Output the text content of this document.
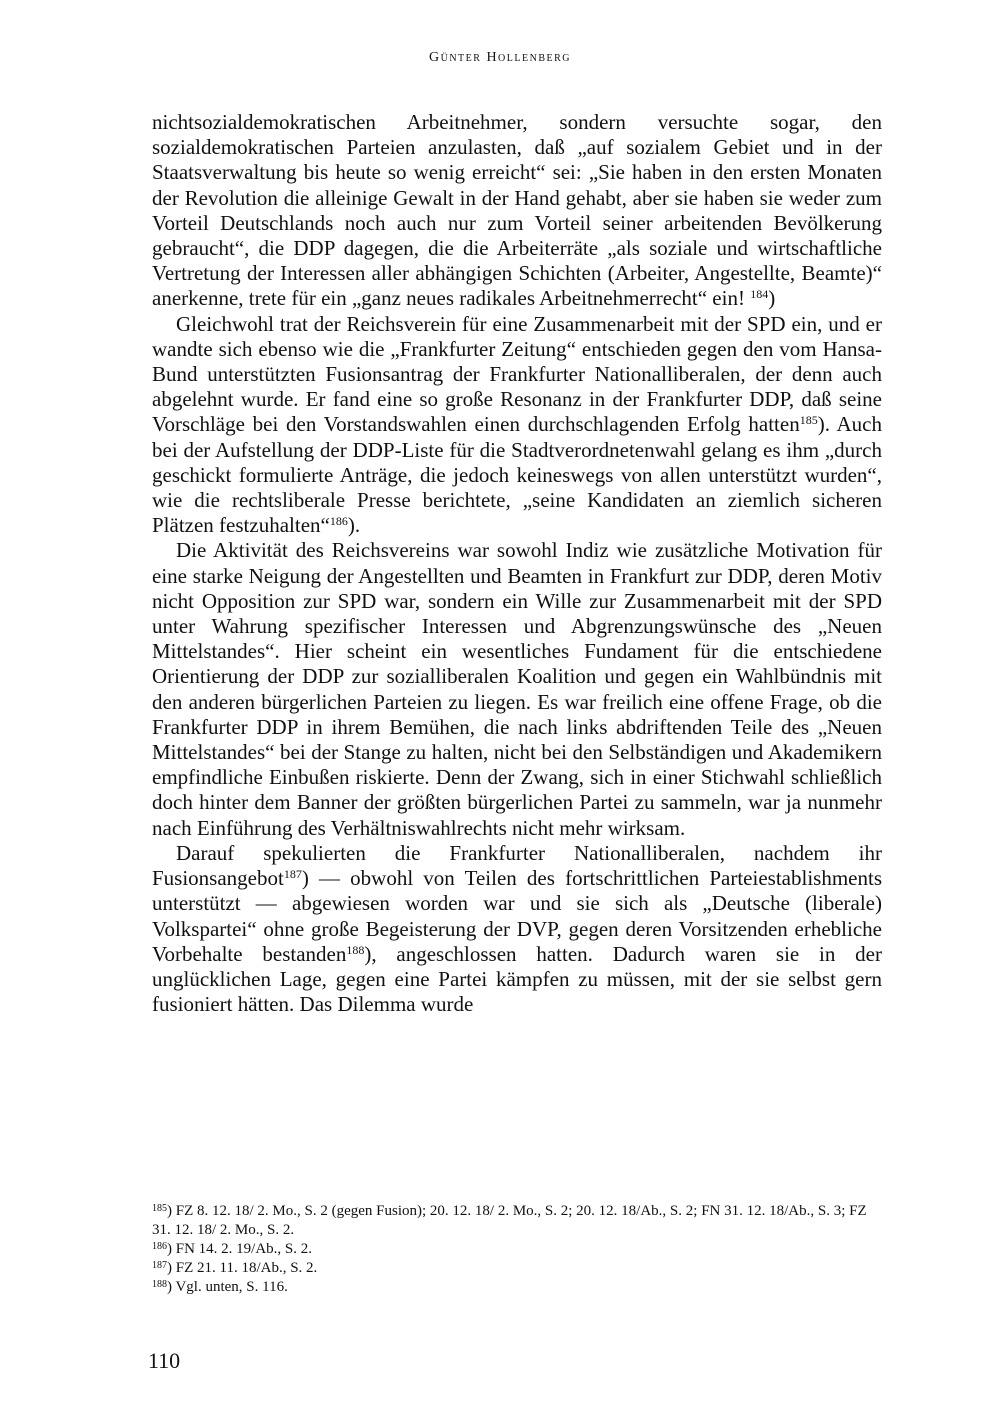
Günter Hollenberg

nichtsozialdemokratischen Arbeitnehmer, sondern versuchte sogar, den sozialdemokratischen Parteien anzulasten, daß „auf sozialem Gebiet und in der Staatsverwaltung bis heute so wenig erreicht“ sei: „Sie haben in den ersten Monaten der Revolution die alleinige Gewalt in der Hand gehabt, aber sie haben sie weder zum Vorteil Deutschlands noch auch nur zum Vorteil seiner arbeitenden Bevölkerung gebraucht“, die DDP dagegen, die die Arbeiterräte „als soziale und wirtschaftliche Vertretung der Interessen aller abhängigen Schichten (Arbeiter, Angestellte, Beamte)“ anerkenne, trete für ein „ganz neues radikales Arbeitnehmerrecht“ ein! $^{184}$)

Gleichwohl trat der Reichsverein für eine Zusammenarbeit mit der SPD ein, und er wandte sich ebenso wie die „Frankfurter Zeitung“ entschieden gegen den vom Hansa-Bund unterstützten Fusionsantrag der Frankfurter Nationalliberalen, der denn auch abgelehnt wurde. Er fand eine so große Resonanz in der Frankfurter DDP, daß seine Vorschläge bei den Vorstandswahlen einen durchschlagenden Erfolg hatten$^{185}$). Auch bei der Aufstellung der DDP-Liste für die Stadtverordnetenwahl gelang es ihm „durch geschickt formulierte Anträge, die jedoch keineswegs von allen unterstützt wurden“, wie die rechtsliberale Presse berichtete, „seine Kandidaten an ziemlich sicheren Plätzen festzuhalten“$^{186}$).

Die Aktivität des Reichsvereins war sowohl Indiz wie zusätzliche Motivation für eine starke Neigung der Angestellten und Beamten in Frankfurt zur DDP, deren Motiv nicht Opposition zur SPD war, sondern ein Wille zur Zusammenarbeit mit der SPD unter Wahrung spezifischer Interessen und Abgrenzungswünsche des „Neuen Mittelstandes“. Hier scheint ein wesentliches Fundament für die entschiedene Orientierung der DDP zur sozialliberalen Koalition und gegen ein Wahlbündnis mit den anderen bürgerlichen Parteien zu liegen. Es war freilich eine offene Frage, ob die Frankfurter DDP in ihrem Bemühen, die nach links abdriftenden Teile des „Neuen Mittelstandes“ bei der Stange zu halten, nicht bei den Selbständigen und Akademikern empfindliche Einbußen riskierte. Denn der Zwang, sich in einer Stichwahl schließlich doch hinter dem Banner der größten bürgerlichen Partei zu sammeln, war ja nunmehr nach Einführung des Verhältniswahlrechts nicht mehr wirksam.

Darauf spekulierten die Frankfurter Nationalliberalen, nachdem ihr Fusionsangebot$^{187}$) — obwohl von Teilen des fortschrittlichen Parteiestablishments unterstützt — abgewiesen worden war und sie sich als „Deutsche (liberale) Volkspartei“ ohne große Begeisterung der DVP, gegen deren Vorsitzenden erhebliche Vorbehalte bestanden$^{188}$), angeschlossen hatten. Dadurch waren sie in der unglücklichen Lage, gegen eine Partei kämpfen zu müssen, mit der sie selbst gern fusioniert hätten. Das Dilemma wurde

$^{185}$) FZ 8. 12. 18/ 2. Mo., S. 2 (gegen Fusion); 20. 12. 18/ 2. Mo., S. 2; 20. 12. 18/Ab., S. 2; FN 31. 12. 18/Ab., S. 3; FZ 31. 12. 18/ 2. Mo., S. 2.

$^{186}$) FN 14. 2. 19/Ab., S. 2.

$^{187}$) FZ 21. 11. 18/Ab., S. 2.

$^{188}$) Vgl. unten, S. 116.

110
